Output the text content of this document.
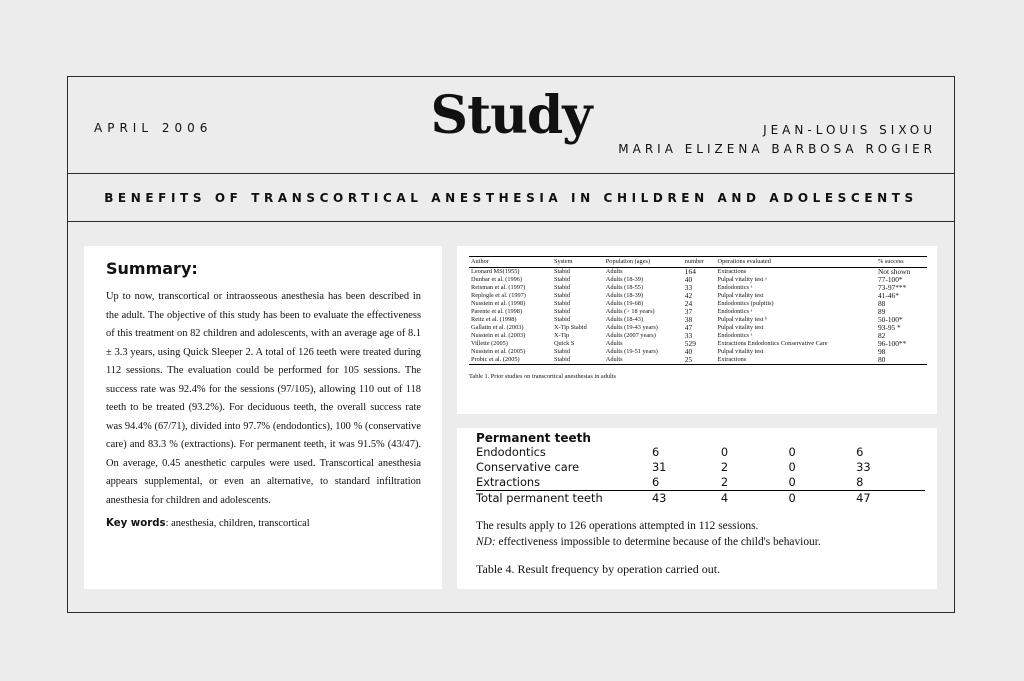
APRIL 2006	Study	JEAN-LOUIS SIXOU
MARIA ELIZENA BARBOSA ROGIER
BENEFITS OF TRANSCORTICAL ANESTHESIA IN CHILDREN AND ADOLESCENTS
Summary:

Up to now, transcortical or intraosseous anesthesia has been described in the adult. The objective of this study has been to evaluate the effectiveness of this treatment on 82 children and adolescents, with an average age of 8.1 ± 3.3 years, using Quick Sleeper 2. A total of 126 teeth were treated during 112 sessions. The evaluation could be performed for 105 sessions. The success rate was 92.4% for the sessions (97/105), allowing 110 out of 118 teeth to be treated (93.2%). For deciduous teeth, the overall success rate was 94.4% (67/71), divided into 97.7% (endodontics), 100 % (conservative care) and 83.3 % (extractions). For permanent teeth, it was 91.5% (43/47). On average, 0.45 anesthetic carpules were used. Transcortical anesthesia appears supplemental, or even an alternative, to standard infiltration anesthesia for children and adolescents.

Key words: anesthesia, children, transcortical
Author	System	Population (ages)	number	Operations evaluated	% success
Leonard MS(1955)	Stabid	Adults	164	Extractions	Not shown
Dunbar et al. (1996)	Stabid	Adults (18-39)	40	Pulpal vitality test ᵃ	77-100*
Reisman et al. (1997)	Stabid	Adults (18-55)	33	Endodontics ᵃ	73-97***
Replogle et al. (1997)	Stabid	Adults (18-39)	42	Pulpal vitality test	41-46*
Nusstein et al. (1998)	Stabid	Adults (19-68)	24	Endodontics (pulpitis)	88
Parente et al. (1998)	Stabid	Adults (> 18 years)	37	Endodontics ᵃ	89
Reitz et al. (1998)	Stabid	Adults (18-43)	38	Pulpal vitality test ᵇ	50-100*
Gallatin et al. (2003)	X-Tip Stabid	Adults (19-43 years)	47	Pulpal vitality test	93-95 *
Nusstein et al. (2003)	X-Tip	Adults (2007 years)	33	Endodontics ᵃ	82
Villette (2005)	Quick S	Adults	529	Extractions Endodontics Conservative Care	96-100**
Nusstein et al. (2005)	Stabid	Adults (19-51 years)	40	Pulpal vitality test	98
Probic et al. (2005)	Stabid	Adults	25	Extractions	80
Table 1. Prior studies on transcortical anesthesias in adults
Permanent teeth
Endodontics	6	0	0	6
Conservative care	31	2	0	33
Extractions	6	2	0	8
Total permanent teeth	43	4	0	47
The results apply to 126 operations attempted in 112 sessions.
ND: effectiveness impossible to determine because of the child's behaviour.
Table 4. Result frequency by operation carried out.
